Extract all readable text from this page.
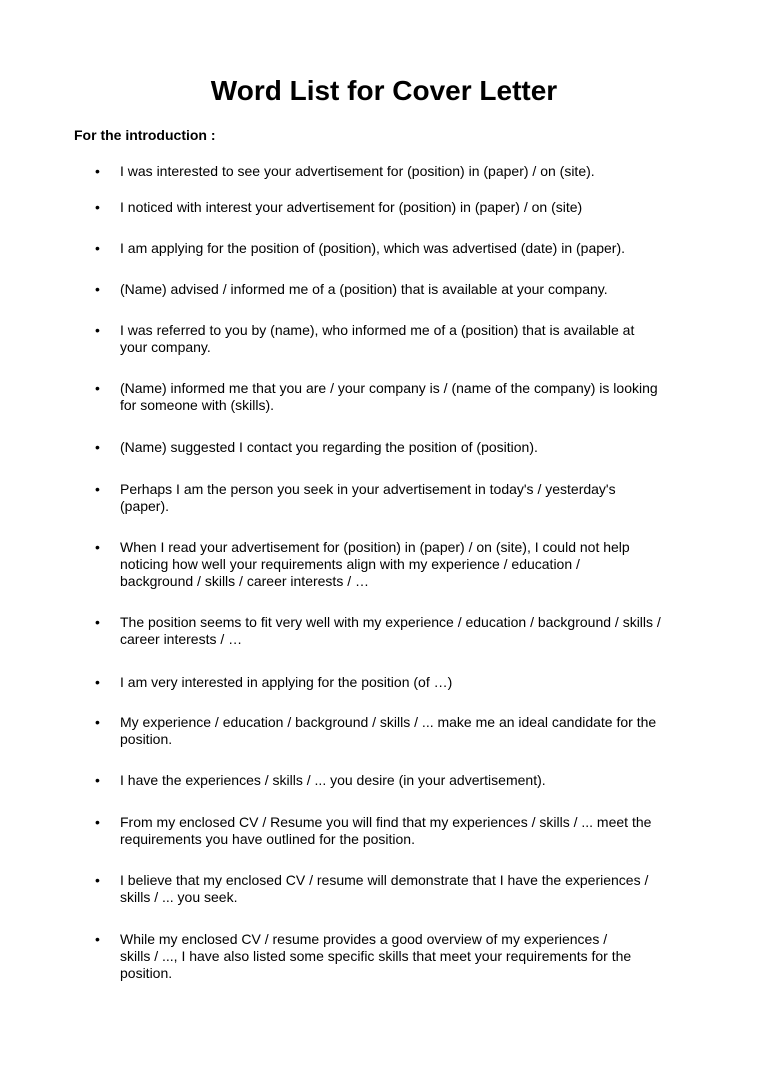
Word List for Cover Letter

For the introduction :

• I was interested to see your advertisement for (position) in (paper) / on (site).
• I noticed with interest your advertisement for (position) in (paper) / on (site)
• I am applying for the position of (position), which was advertised (date) in (paper).
• (Name) advised / informed me of a (position) that is available at your company.
• I was referred to you by (name), who informed me of a (position) that is available at
your company.
• (Name) informed me that you are / your company is / (name of the company) is looking
for someone with (skills).
• (Name) suggested I contact you regarding the position of (position).
• Perhaps I am the person you seek in your advertisement in today's / yesterday's
(paper).
• When I read your advertisement for (position) in (paper) / on (site), I could not help
noticing how well your requirements align with my experience / education /
background / skills / career interests / …
• The position seems to fit very well with my experience / education / background / skills /
career interests / …
• I am very interested in applying for the position (of …)
• My experience / education / background / skills / ... make me an ideal candidate for the
position.
• I have the experiences / skills / ... you desire (in your advertisement).
• From my enclosed CV / Resume you will find that my experiences / skills / ... meet the
requirements you have outlined for the position.
• I believe that my enclosed CV / resume will demonstrate that I have the experiences /
skills / ... you seek.
• While my enclosed CV / resume provides a good overview of my experiences /
skills / ..., I have also listed some specific skills that meet your requirements for the
position.
